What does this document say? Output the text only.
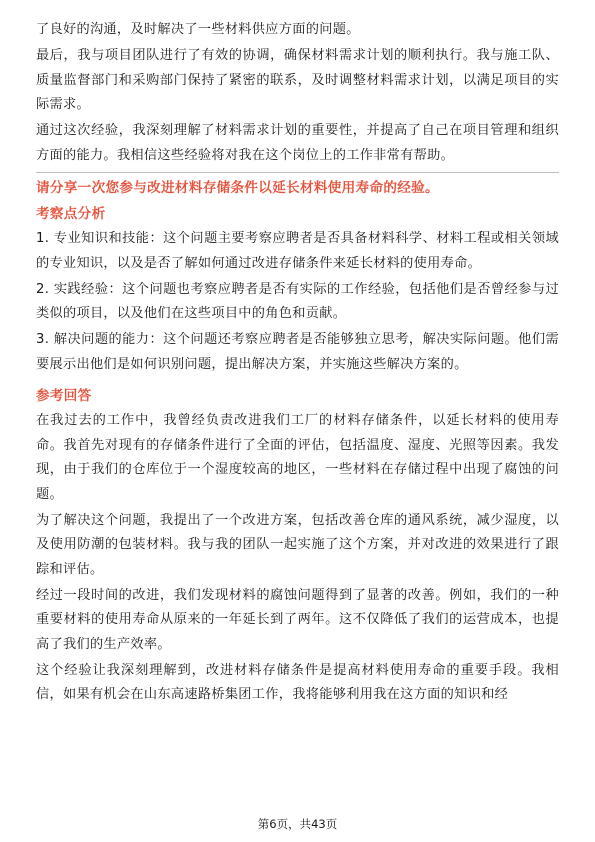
了良好的沟通，及时解决了一些材料供应方面的问题。

最后，我与项目团队进行了有效的协调，确保材料需求计划的顺利执行。我与施工队、质量监督部门和采购部门保持了紧密的联系，及时调整材料需求计划，以满足项目的实际需求。

通过这次经验，我深刻理解了材料需求计划的重要性，并提高了自己在项目管理和组织方面的能力。我相信这些经验将对我在这个岗位上的工作非常有帮助。

请分享一次您参与改进材料存储条件以延长材料使用寿命的经验。
考察点分析

1. 专业知识和技能：这个问题主要考察应聘者是否具备材料科学、材料工程或相关领域的专业知识，以及是否了解如何通过改进存储条件来延长材料的使用寿命。

2. 实践经验：这个问题也考察应聘者是否有实际的工作经验，包括他们是否曾经参与过类似的项目，以及他们在这些项目中的角色和贡献。

3. 解决问题的能力：这个问题还考察应聘者是否能够独立思考，解决实际问题。他们需要展示出他们是如何识别问题，提出解决方案，并实施这些解决方案的。

参考回答

在我过去的工作中，我曾经负责改进我们工厂的材料存储条件，以延长材料的使用寿命。我首先对现有的存储条件进行了全面的评估，包括温度、湿度、光照等因素。我发现，由于我们的仓库位于一个湿度较高的地区，一些材料在存储过程中出现了腐蚀的问题。

为了解决这个问题，我提出了一个改进方案，包括改善仓库的通风系统，减少湿度，以及使用防潮的包装材料。我与我的团队一起实施了这个方案，并对改进的效果进行了跟踪和评估。

经过一段时间的改进，我们发现材料的腐蚀问题得到了显著的改善。例如，我们的一种重要材料的使用寿命从原来的一年延长到了两年。这不仅降低了我们的运营成本，也提高了我们的生产效率。

这个经验让我深刻理解到，改进材料存储条件是提高材料使用寿命的重要手段。我相信，如果有机会在山东高速路桥集团工作，我将能够利用我在这方面的知识和经

第6页，共43页
